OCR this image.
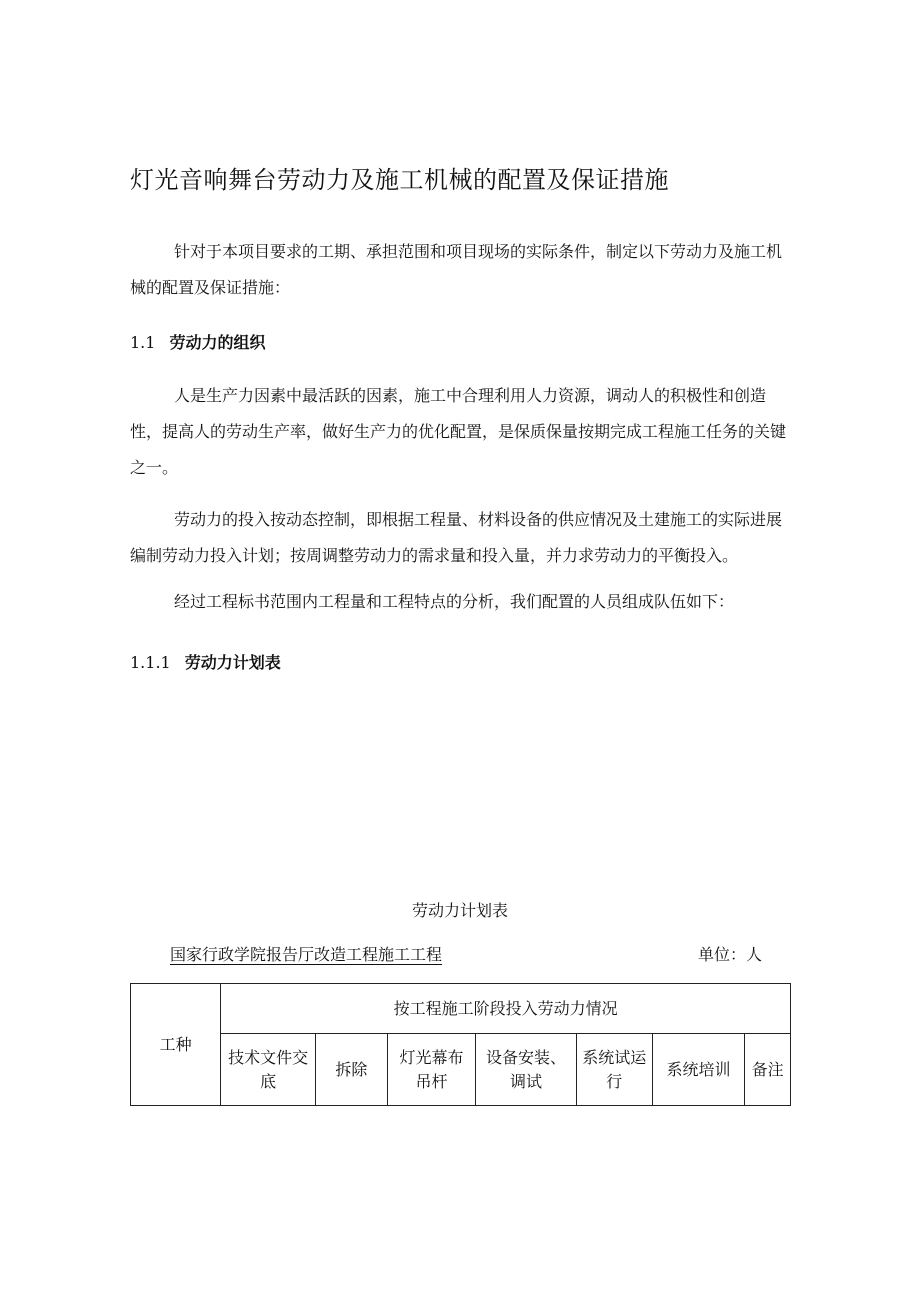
灯光音响舞台劳动力及施工机械的配置及保证措施
针对于本项目要求的工期、承担范围和项目现场的实际条件，制定以下劳动力及施工机械的配置及保证措施：
1.1 劳动力的组织
人是生产力因素中最活跃的因素，施工中合理利用人力资源，调动人的积极性和创造性，提高人的劳动生产率，做好生产力的优化配置，是保质保量按期完成工程施工任务的关键之一。
劳动力的投入按动态控制，即根据工程量、材料设备的供应情况及土建施工的实际进展编制劳动力投入计划；按周调整劳动力的需求量和投入量，并力求劳动力的平衡投入。
经过工程标书范围内工程量和工程特点的分析，我们配置的人员组成队伍如下：
1.1.1 劳动力计划表
劳动力计划表
国家行政学院报告厅改造工程施工工程	单位：人
工种	按工程施工阶段投入劳动力情况						
	技术文件交底	拆除	灯光幕布吊杆	设备安装、调试	系统试运行	系统培训	备注
